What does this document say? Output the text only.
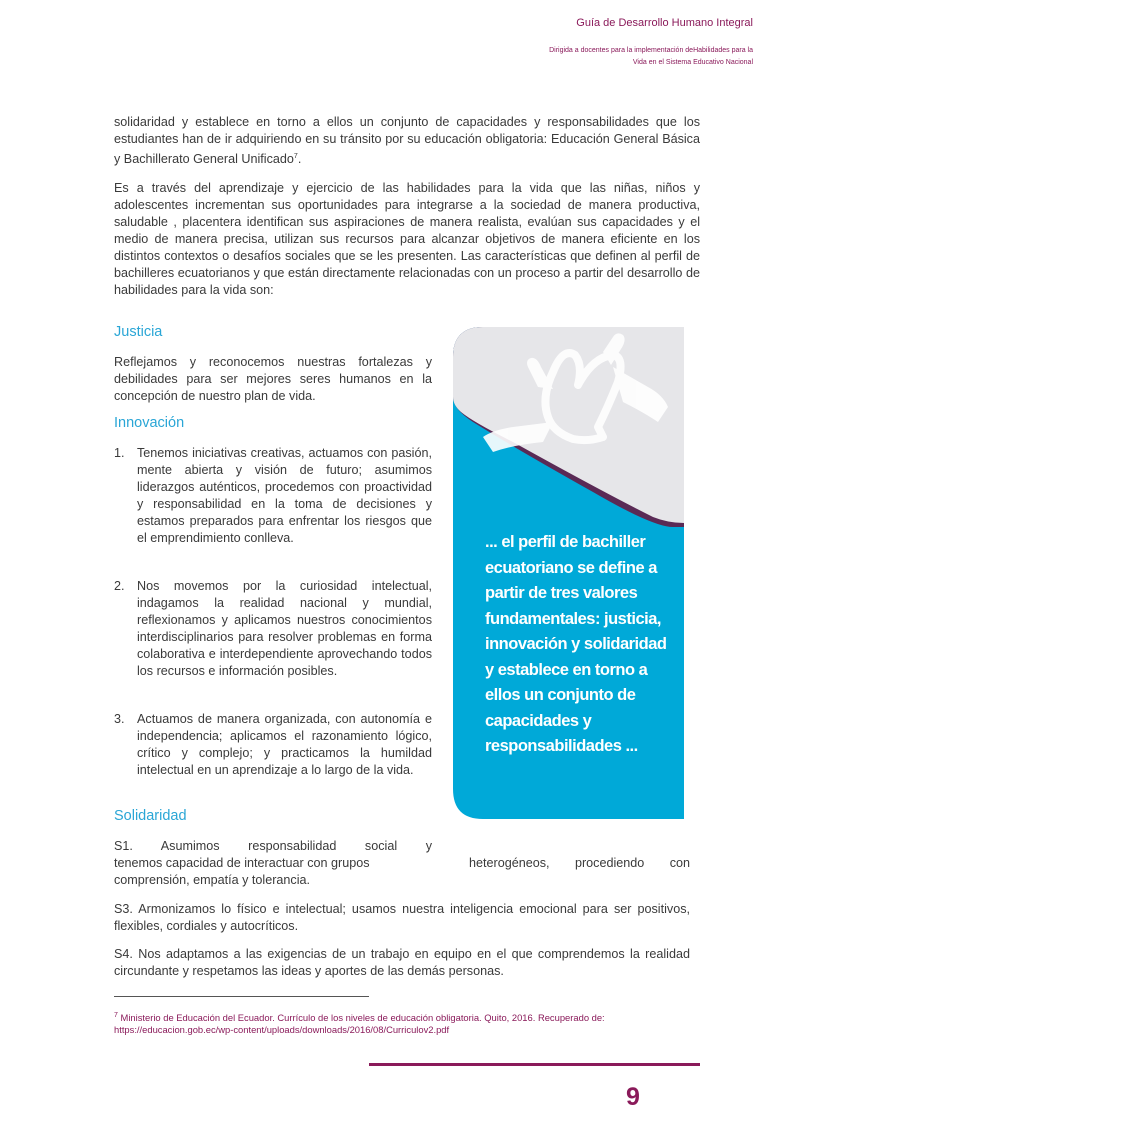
Guía de Desarrollo Humano Integral
Dirigida a docentes para la implementación deHabilidades para la
Vida en el Sistema Educativo Nacional
solidaridad y establece en torno a ellos un conjunto de capacidades y responsabilidades que los estudiantes han de ir adquiriendo en su tránsito por su educación obligatoria: Educación General Básica y Bachillerato General Unificado$^7$.
Es a través del aprendizaje y ejercicio de las habilidades para la vida que las niñas, niños y adolescentes incrementan sus oportunidades para integrarse a la sociedad de manera productiva, saludable , placentera identifican sus aspiraciones de manera realista, evalúan sus capacidades y el medio de manera precisa, utilizan sus recursos para alcanzar objetivos de manera eficiente en los distintos contextos o desafíos sociales que se les presenten. Las características que definen al perfil de bachilleres ecuatorianos y que están directamente relacionadas con un proceso a partir del desarrollo de habilidades para la vida son:
Justicia
Reflejamos y reconocemos nuestras fortalezas y debilidades para ser mejores seres humanos en la concepción de nuestro plan de vida.
Innovación
1. Tenemos iniciativas creativas, actuamos con pasión, mente abierta y visión de futuro; asumimos liderazgos auténticos, procedemos con proactividad y responsabilidad en la toma de decisiones y estamos preparados para enfrentar los riesgos que el emprendimiento conlleva.
2. Nos movemos por la curiosidad intelectual, indagamos la realidad nacional y mundial, reflexionamos y aplicamos nuestros conocimientos interdisciplinarios para resolver problemas en forma colaborativa e interdependiente aprovechando todos los recursos e información posibles.
3. Actuamos de manera organizada, con autonomía e independencia; aplicamos el razonamiento lógico, crítico y complejo; y practicamos la humildad intelectual en un aprendizaje a lo largo de la vida.
Solidaridad
S1. Asumimos responsabilidad social y
tenemos capacidad de interactuar con grupos	heterogéneos, procediendo con
comprensión, empatía y tolerancia.
S3. Armonizamos lo físico e intelectual; usamos nuestra inteligencia emocional para ser positivos, flexibles, cordiales y autocríticos.
S4. Nos adaptamos a las exigencias de un trabajo en equipo en el que comprendemos la realidad circundante y respetamos las ideas y aportes de las demás personas.
... el perfil de bachiller ecuatoriano se define a partir de tres valores fundamentales: justicia, innovación y solidaridad y establece en torno a ellos un conjunto de capacidades y responsabilidades ...
$^7$ Ministerio de Educación del Ecuador. Currículo de los niveles de educación obligatoria. Quito, 2016. Recuperado de: https://educacion.gob.ec/wp-content/uploads/downloads/2016/08/Curriculov2.pdf
9
